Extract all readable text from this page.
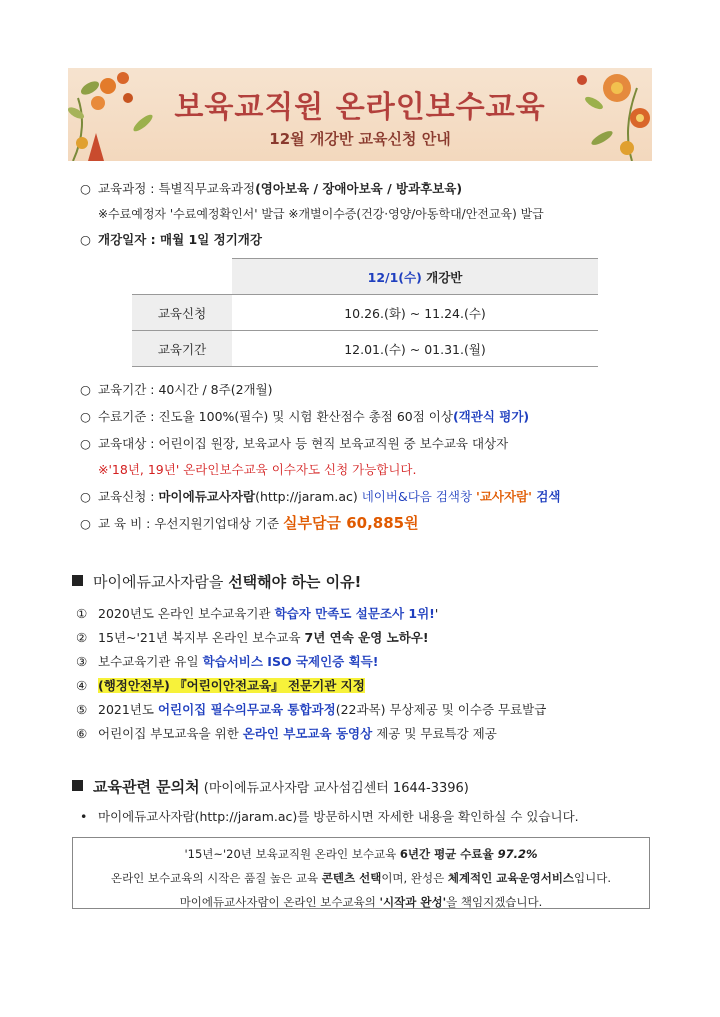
보육교직원 온라인보수교육
12월 개강반 교육신청 안내
○ 교육과정 : 특별직무교육과정(영아보육 / 장애아보육 / 방과후보육)
※수료예정자 '수료예정확인서' 발급 ※개별이수증(건강·영양/아동학대/안전교육) 발급
○ 개강일자 : 매월 1일 정기개강
	12/1(수) 개강반
교육신청	10.26.(화) ~ 11.24.(수)
교육기간	12.01.(수) ~ 01.31.(월)
○ 교육기간 : 40시간 / 8주(2개월)
○ 수료기준 : 진도율 100%(필수) 및 시험 환산점수 총점 60점 이상(객관식 평가)
○ 교육대상 : 어린이집 원장, 보육교사 등 현직 보육교직원 중 보수교육 대상자
※'18년, 19년' 온라인보수교육 이수자도 신청 가능합니다.
○ 교육신청 : 마이에듀교사자람(http://jaram.ac) 네이버&다음 검색창 '교사자람' 검색
○ 교 육 비 : 우선지원기업대상 기준 실부담금 60,885원
마이에듀교사자람을 선택해야 하는 이유!
① 2020년도 온라인 보수교육기관 학습자 만족도 설문조사 1위!'
② 15년~'21년 복지부 온라인 보수교육 7년 연속 운영 노하우!
③ 보수교육기관 유일 학습서비스 ISO 국제인증 획득!
④ (행정안전부) 『어린이안전교육』 전문기관 지정
⑤ 2021년도 어린이집 필수의무교육 통합과정(22과목) 무상제공 및 이수증 무료발급
⑥ 어린이집 부모교육을 위한 온라인 부모교육 동영상 제공 및 무료특강 제공
교육관련 문의처 (마이에듀교사자람 교사섬김센터 1644-3396)
• 마이에듀교사자람(http://jaram.ac)를 방문하시면 자세한 내용을 확인하실 수 있습니다.
'15년~'20년 보육교직원 온라인 보수교육 6년간 평균 수료율 97.2%
온라인 보수교육의 시작은 품질 높은 교육 콘텐츠 선택이며, 완성은 체계적인 교육운영서비스입니다.
마이에듀교사자람이 온라인 보수교육의 '시작과 완성'을 책임지겠습니다.
